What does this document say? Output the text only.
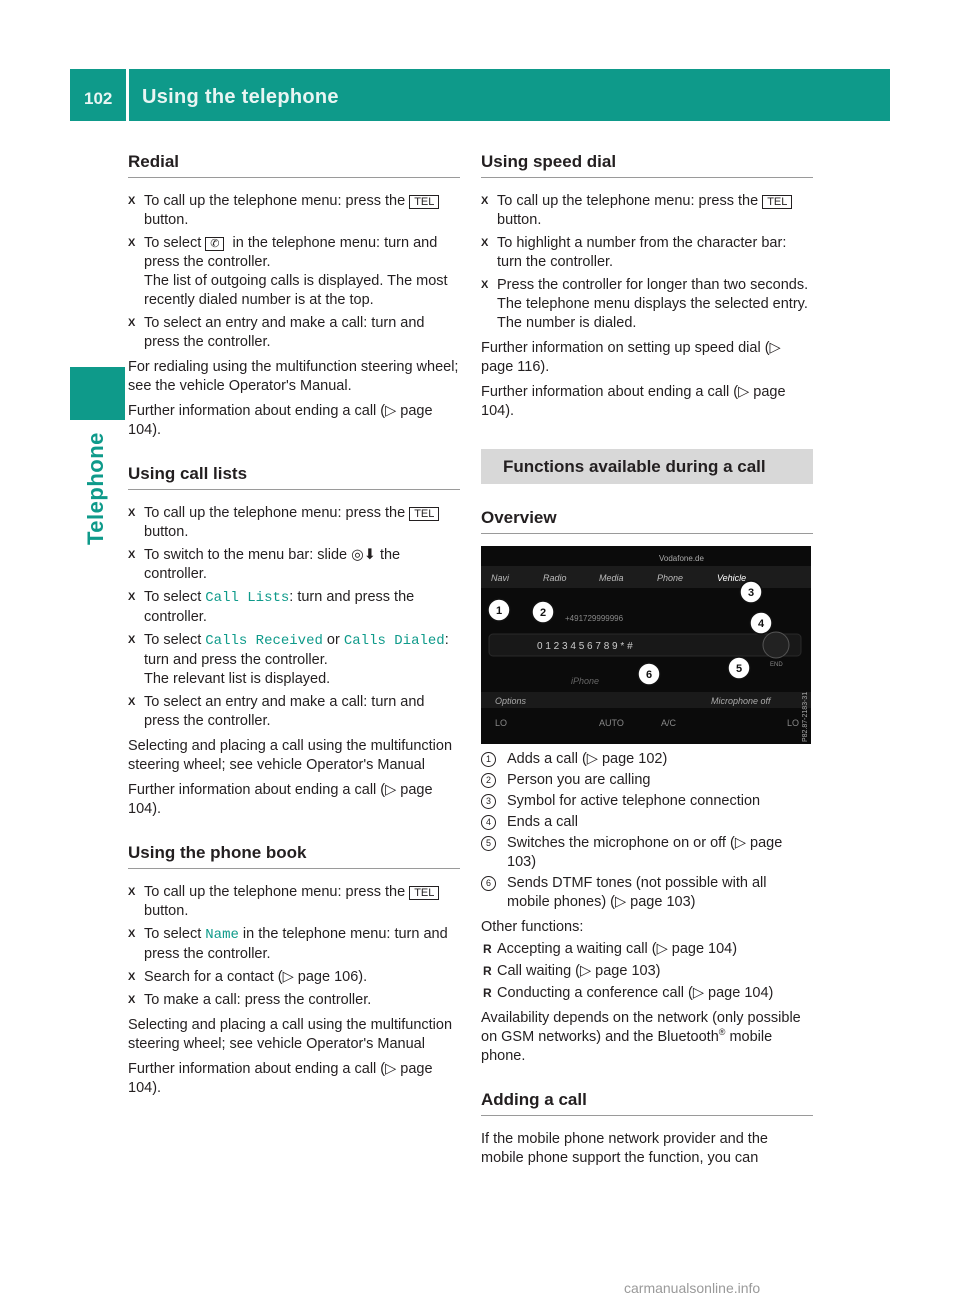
102 Using the telephone
Telephone
Redial
X To call up the telephone menu: press the TELbutton.
X To select ✆ in the telephone menu: turn and press the controller.
The list of outgoing calls is displayed. The most recently dialed number is at the top.
X To select an entry and make a call: turn and press the controller.

For redialing using the multifunction steering wheel; see the vehicle Operator's Manual.

Further information about ending a call (▷ page 104).

Using call lists
X To call up the telephone menu: press the TELbutton.
X To switch to the menu bar: slide ◎⬇ the controller.
X To select Call Lists: turn and press the controller.
X To select Calls Received or Calls Dialed: turn and press the controller.
The relevant list is displayed.
X To select an entry and make a call: turn and press the controller.

Selecting and placing a call using the multifunction steering wheel; see vehicle Operator's Manual

Further information about ending a call (▷ page 104).

Using the phone book
X To call up the telephone menu: press the TELbutton.
X To select Name in the telephone menu: turn and press the controller.
X Search for a contact (▷ page 106).
X To make a call: press the controller.

Selecting and placing a call using the multifunction steering wheel; see vehicle Operator's Manual

Further information about ending a call (▷ page 104).

Using speed dial
X To call up the telephone menu: press the TELbutton.
X To highlight a number from the character bar: turn the controller.
X Press the controller for longer than two seconds.
The telephone menu displays the selected entry. The number is dialed.

Further information on setting up speed dial (▷ page 116).

Further information about ending a call (▷ page 104).

Functions available during a call
Overview
Vodafone.de
Navi	Radio	Media	Phone	Vehicle
+491729999996
0 1 2 3 4 5 6 7 8 9 * #
END
iPhone
Options	Microphone off
LO	AUTO	A/C	LO P82.87-2183-31
1	2
3
4
5
6
1	Adds a call (▷ page 102)
2	Person you are calling
3	Symbol for active telephone connection
4	Ends a call
5	Switches the microphone on or off (▷ page 103)
6	Sends DTMF tones (not possible with all mobile phones) (▷ page 103)

Other functions:

R Accepting a waiting call (▷ page 104)
R Call waiting (▷ page 103)
R Conducting a conference call (▷ page 104)

Availability depends on the network (only possible on GSM networks) and the Bluetooth® mobile phone.

Adding a call

If the mobile phone network provider and the mobile phone support the function, you can

carmanualsonline.info
